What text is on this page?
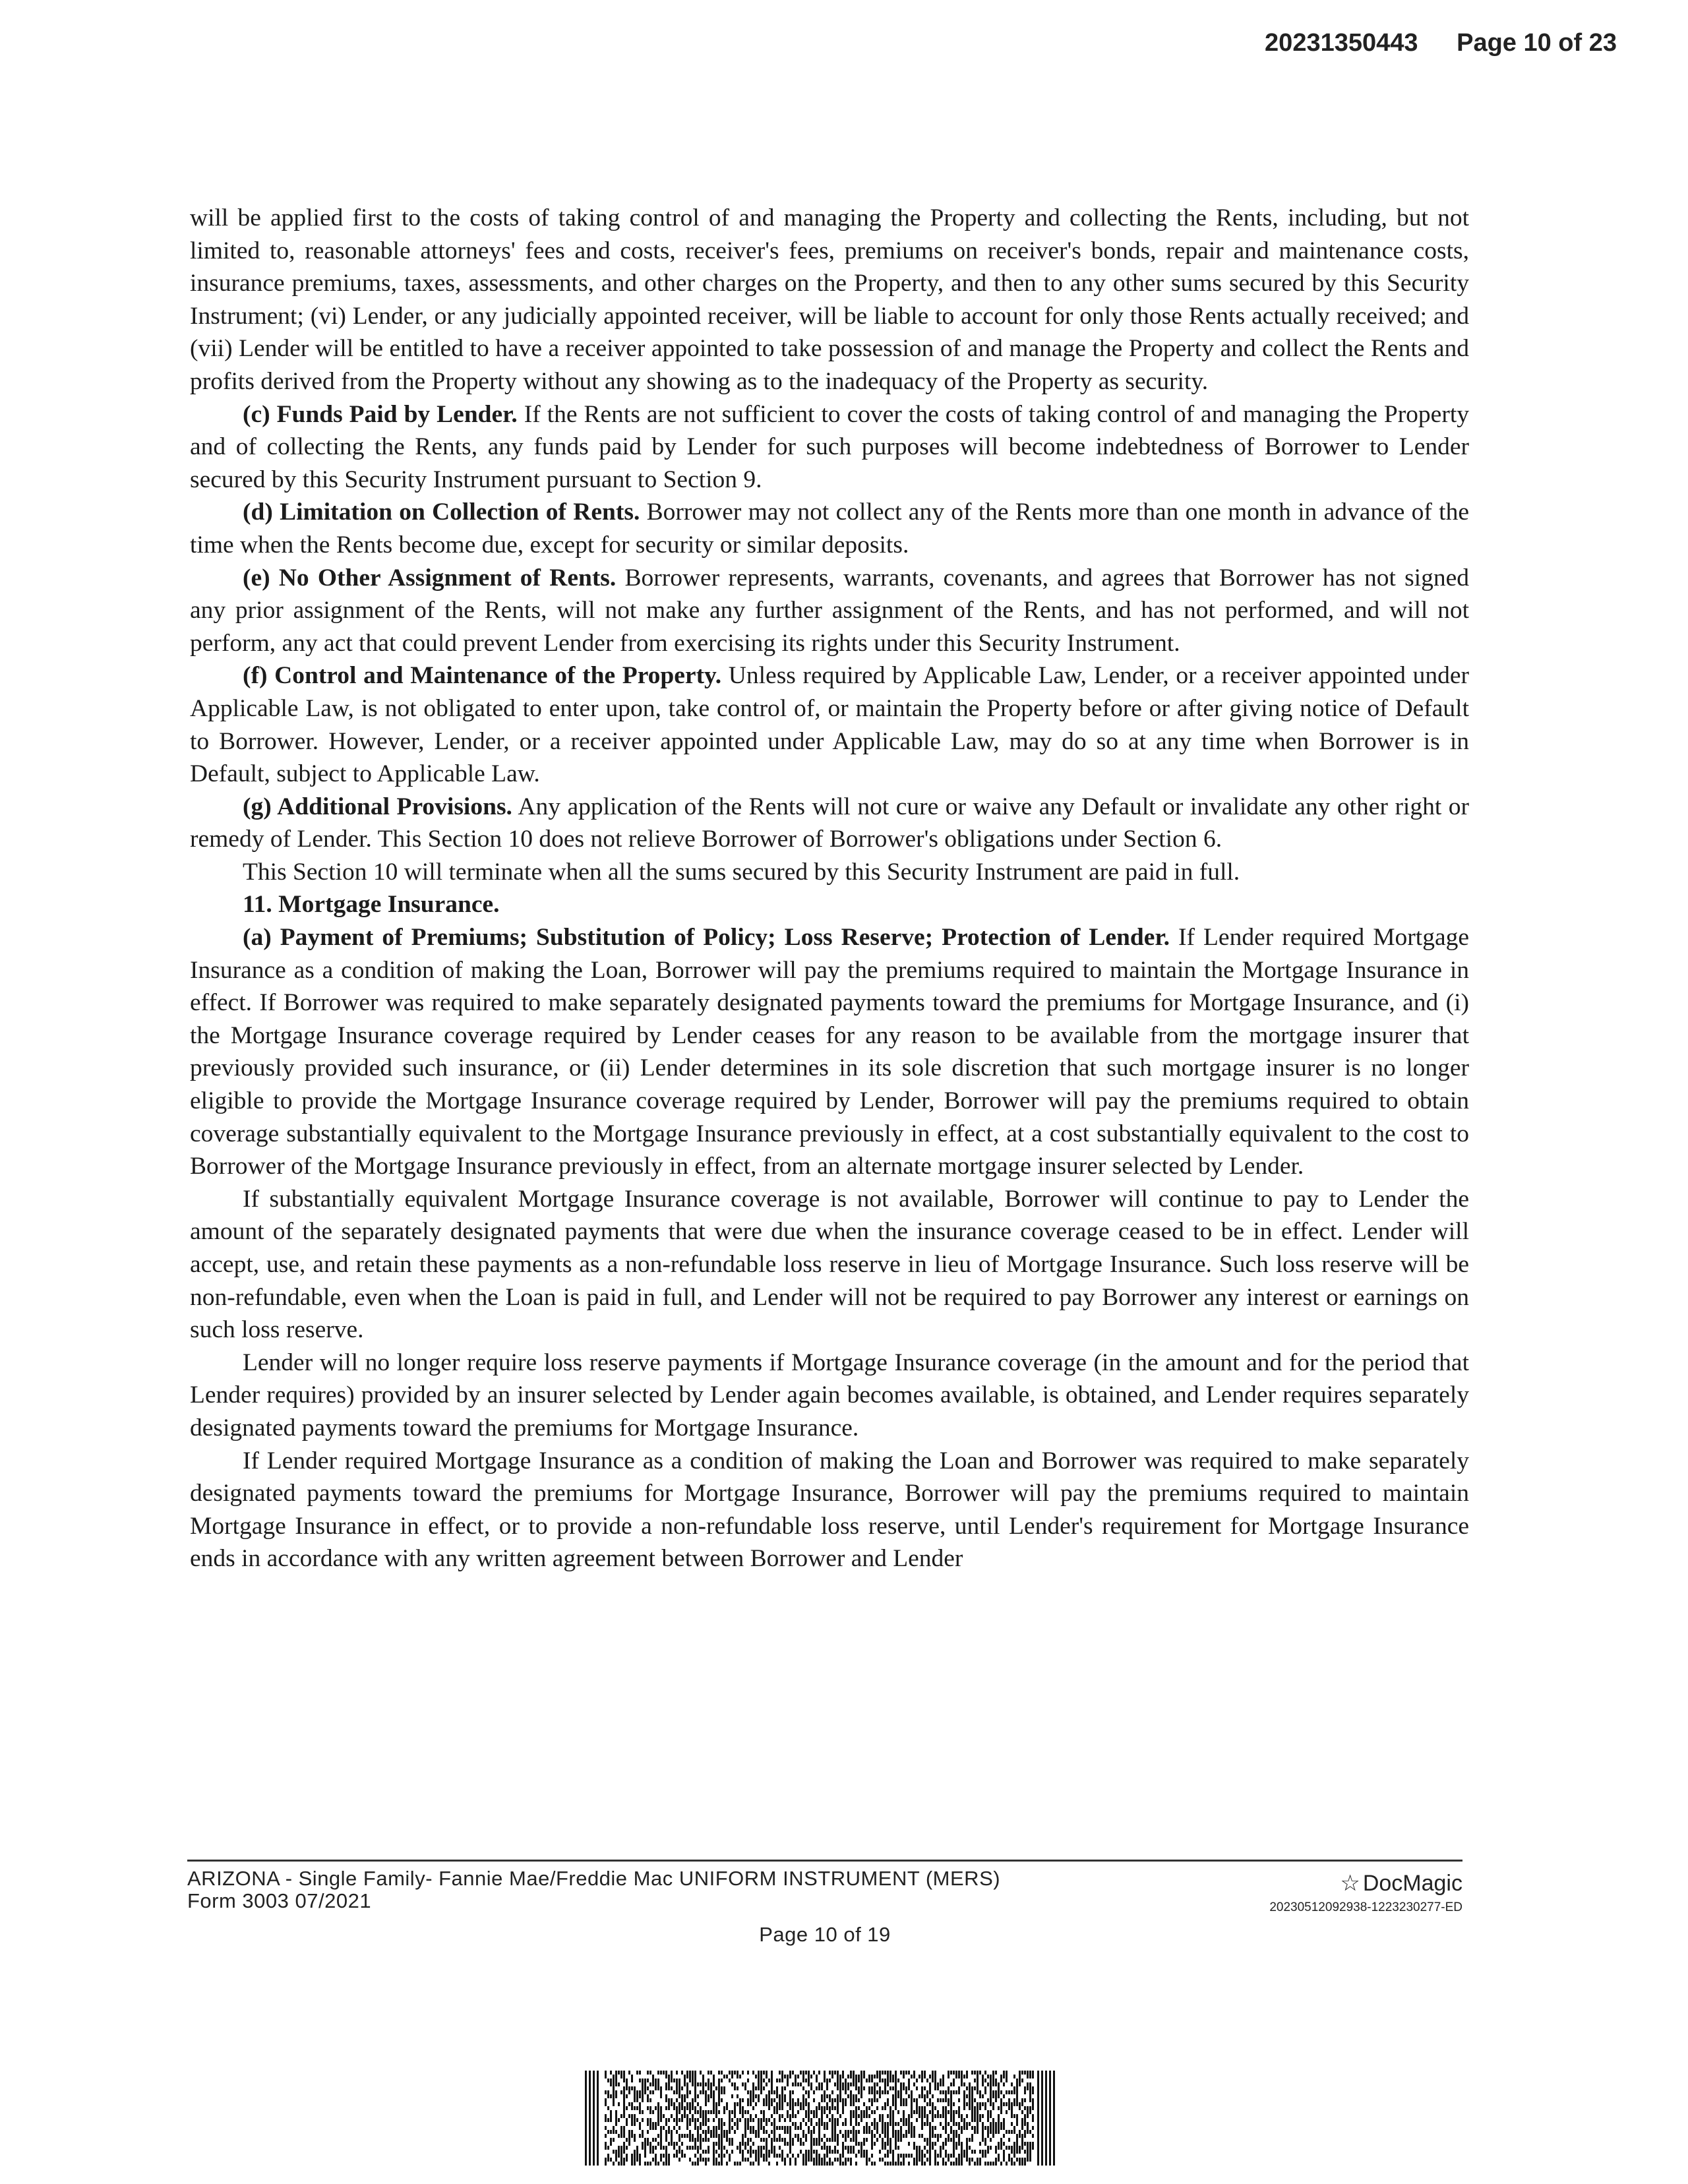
20231350443 Page 10 of 23

will be applied first to the costs of taking control of and managing the Property and collecting the Rents, including, but not limited to, reasonable attorneys' fees and costs, receiver's fees, premiums on receiver's bonds, repair and maintenance costs, insurance premiums, taxes, assessments, and other charges on the Property, and then to any other sums secured by this Security Instrument; (vi) Lender, or any judicially appointed receiver, will be liable to account for only those Rents actually received; and (vii) Lender will be entitled to have a receiver appointed to take possession of and manage the Property and collect the Rents and profits derived from the Property without any showing as to the inadequacy of the Property as security.

(c) Funds Paid by Lender. If the Rents are not sufficient to cover the costs of taking control of and managing the Property and of collecting the Rents, any funds paid by Lender for such purposes will become indebtedness of Borrower to Lender secured by this Security Instrument pursuant to Section 9.

(d) Limitation on Collection of Rents. Borrower may not collect any of the Rents more than one month in advance of the time when the Rents become due, except for security or similar deposits.

(e) No Other Assignment of Rents. Borrower represents, warrants, covenants, and agrees that Borrower has not signed any prior assignment of the Rents, will not make any further assignment of the Rents, and has not performed, and will not perform, any act that could prevent Lender from exercising its rights under this Security Instrument.

(f) Control and Maintenance of the Property. Unless required by Applicable Law, Lender, or a receiver appointed under Applicable Law, is not obligated to enter upon, take control of, or maintain the Property before or after giving notice of Default to Borrower. However, Lender, or a receiver appointed under Applicable Law, may do so at any time when Borrower is in Default, subject to Applicable Law.

(g) Additional Provisions. Any application of the Rents will not cure or waive any Default or invalidate any other right or remedy of Lender. This Section 10 does not relieve Borrower of Borrower's obligations under Section 6.

This Section 10 will terminate when all the sums secured by this Security Instrument are paid in full.

11. Mortgage Insurance.

(a) Payment of Premiums; Substitution of Policy; Loss Reserve; Protection of Lender. If Lender required Mortgage Insurance as a condition of making the Loan, Borrower will pay the premiums required to maintain the Mortgage Insurance in effect. If Borrower was required to make separately designated payments toward the premiums for Mortgage Insurance, and (i) the Mortgage Insurance coverage required by Lender ceases for any reason to be available from the mortgage insurer that previously provided such insurance, or (ii) Lender determines in its sole discretion that such mortgage insurer is no longer eligible to provide the Mortgage Insurance coverage required by Lender, Borrower will pay the premiums required to obtain coverage substantially equivalent to the Mortgage Insurance previously in effect, at a cost substantially equivalent to the cost to Borrower of the Mortgage Insurance previously in effect, from an alternate mortgage insurer selected by Lender.

If substantially equivalent Mortgage Insurance coverage is not available, Borrower will continue to pay to Lender the amount of the separately designated payments that were due when the insurance coverage ceased to be in effect. Lender will accept, use, and retain these payments as a non-refundable loss reserve in lieu of Mortgage Insurance. Such loss reserve will be non-refundable, even when the Loan is paid in full, and Lender will not be required to pay Borrower any interest or earnings on such loss reserve.

Lender will no longer require loss reserve payments if Mortgage Insurance coverage (in the amount and for the period that Lender requires) provided by an insurer selected by Lender again becomes available, is obtained, and Lender requires separately designated payments toward the premiums for Mortgage Insurance.

If Lender required Mortgage Insurance as a condition of making the Loan and Borrower was required to make separately designated payments toward the premiums for Mortgage Insurance, Borrower will pay the premiums required to maintain Mortgage Insurance in effect, or to provide a non-refundable loss reserve, until Lender's requirement for Mortgage Insurance ends in accordance with any written agreement between Borrower and Lender

ARIZONA - Single Family- Fannie Mae/Freddie Mac UNIFORM INSTRUMENT (MERS)
Form 3003 07/2021
Page 10 of 19
☆ DocMagic
20230512092938-1223230277-ED
